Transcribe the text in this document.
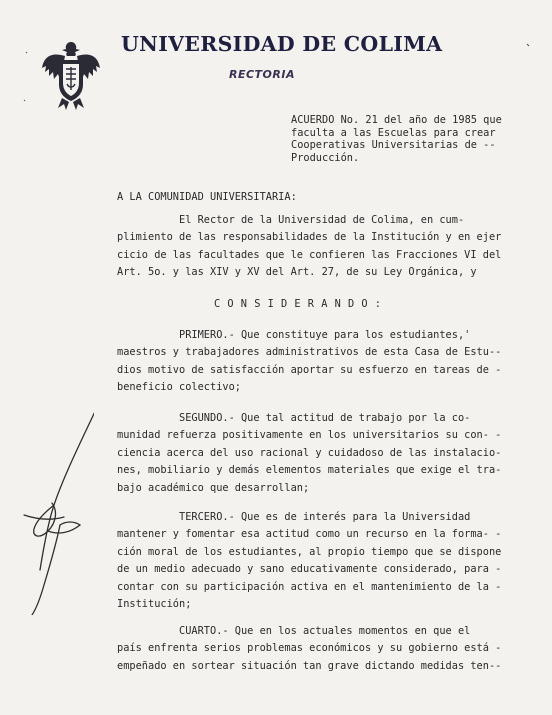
UNIVERSIDAD DE COLIMA
RECTORIA
ACUERDO No. 21 del año de 1985 que
faculta a las Escuelas para crear
Cooperativas Universitarias de --
Producción.
A LA COMUNIDAD UNIVERSITARIA:
El Rector de la Universidad de Colima, en cum-
plimiento de las responsabilidades de la Institución y en ejer
cicio de las facultades que le confieren las Fracciones VI del
Art. 5o. y las XIV y XV del Art. 27, de su Ley Orgánica, y
C O N S I D E R A N D O :
PRIMERO.- Que constituye para los estudiantes,'
maestros y trabajadores administrativos de esta Casa de Estu--
dios motivo de satisfacción aportar su esfuerzo en tareas de -
beneficio colectivo;
SEGUNDO.- Que tal actitud de trabajo por la co-
munidad refuerza positivamente en los universitarios su con- -
ciencia acerca del uso racional y cuidadoso de las instalacio-
nes, mobiliario y demás elementos materiales que exige el tra-
bajo académico que desarrollan;
TERCERO.- Que es de interés para la Universidad
mantener y fomentar esa actitud como un recurso en la forma- -
ción moral de los estudiantes, al propio tiempo que se dispone
de un medio adecuado y sano educativamente considerado, para -
contar con su participación activa en el mantenimiento de la -
Institución;
CUARTO.- Que en los actuales momentos en que el
país enfrenta serios problemas económicos y su gobierno está -
empeñado en sortear situación tan grave dictando medidas ten--
